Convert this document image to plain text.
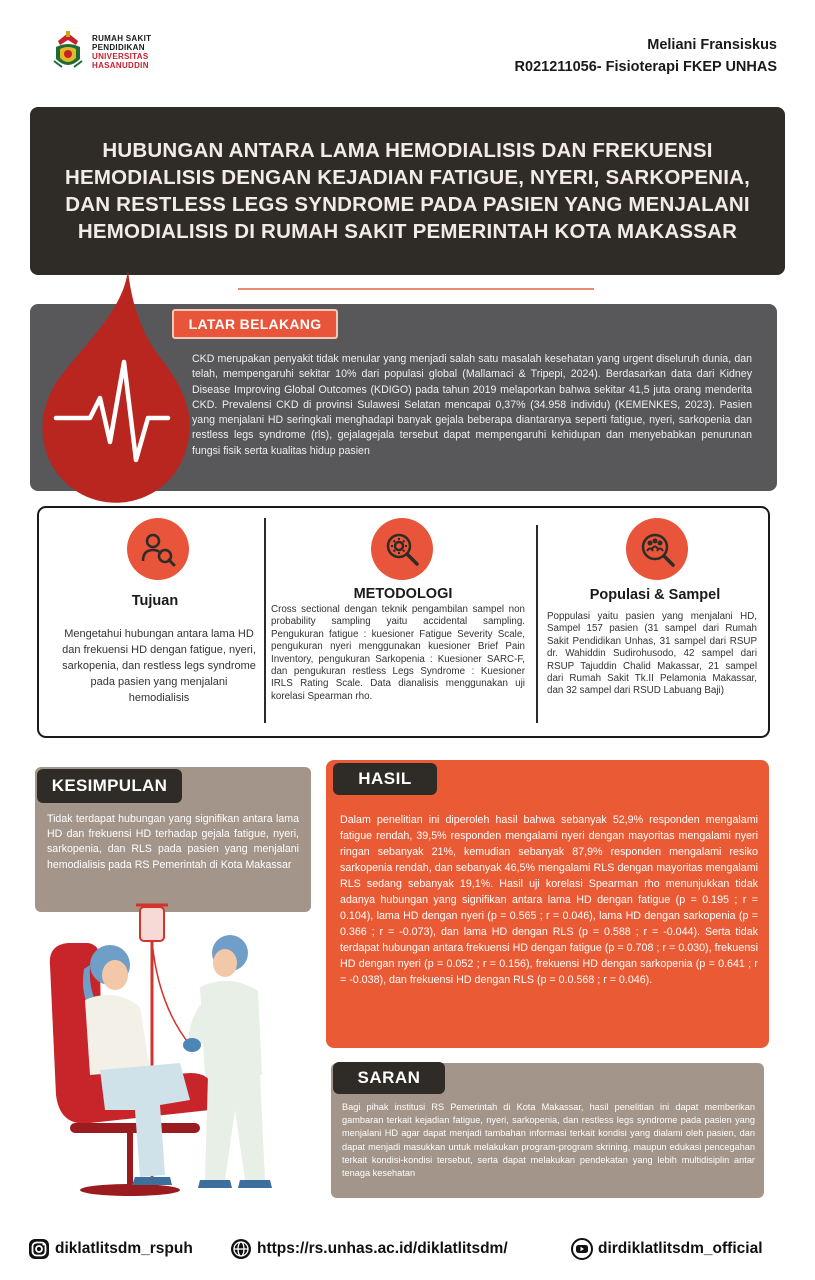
RUMAH SAKIT
PENDIDIKAN
UNIVERSITAS
HASANUDDIN
Meliani Fransiskus
R021211056- Fisioterapi FKEP UNHAS
HUBUNGAN ANTARA LAMA HEMODIALISIS DAN FREKUENSI HEMODIALISIS DENGAN KEJADIAN FATIGUE, NYERI, SARKOPENIA, DAN RESTLESS LEGS SYNDROME PADA PASIEN YANG MENJALANI HEMODIALISIS DI RUMAH SAKIT PEMERINTAH KOTA MAKASSAR
LATAR BELAKANG
CKD merupakan penyakit tidak menular yang menjadi salah satu masalah kesehatan yang urgent diseluruh dunia, dan telah, mempengaruhi sekitar 10% dari populasi global (Mallamaci & Tripepi, 2024). Berdasarkan data dari Kidney Disease Improving Global Outcomes (KDIGO) pada tahun 2019 melaporkan bahwa sekitar 41,5 juta orang menderita CKD. Prevalensi CKD di provinsi Sulawesi Selatan mencapai 0,37% (34.958 individu) (KEMENKES, 2023). Pasien yang menjalani HD seringkali menghadapi banyak gejala beberapa diantaranya seperti fatigue, nyeri, sarkopenia dan restless legs syndrome (rls), gejalagejala tersebut dapat mempengaruhi kehidupan dan menyebabkan penurunan fungsi fisik serta kualitas hidup pasien
Tujuan
Mengetahui hubungan antara lama HD dan frekuensi HD dengan fatigue, nyeri, sarkopenia, dan restless legs syndrome pada pasien yang menjalani hemodialisis
METODOLOGI
Cross sectional dengan teknik pengambilan sampel non probability sampling yaitu accidental sampling. Pengukuran fatigue : kuesioner Fatigue Severity Scale, pengukuran nyeri menggunakan kuesioner Brief Pain Inventory, pengukuran Sarkopenia : Kuesioner SARC-F, dan pengukuran restless Legs Syndrome : Kuesioner IRLS Rating Scale. Data dianalisis menggunakan uji korelasi Spearman rho.
Populasi & Sampel
Poppulasi yaitu pasien yang menjalani HD, Sampel 157 pasien (31 sampel dari Rumah Sakit Pendidikan Unhas, 31 sampel dari RSUP dr. Wahiddin Sudirohusodo, 42 sampel dari RSUP Tajuddin Chalid Makassar, 21 sampel dari Rumah Sakit Tk.II Pelamonia Makassar, dan 32 sampel dari RSUD Labuang Baji)
KESIMPULAN
Tidak terdapat hubungan yang signifikan antara lama HD dan frekuensi HD terhadap gejala fatigue, nyeri, sarkopenia, dan RLS pada pasien yang menjalani hemodialisis pada RS Pemerintah di Kota Makassar
HASIL
Dalam penelitian ini diperoleh hasil bahwa sebanyak 52,9% responden mengalami fatigue rendah, 39,5% responden mengalami nyeri dengan mayoritas mengalami nyeri ringan sebanyak 21%, kemudian sebanyak 87,9% responden mengalami resiko sarkopenia rendah, dan sebanyak 46,5% mengalami RLS dengan mayoritas mengalami RLS sedang sebanyak 19,1%. Hasil uji korelasi Spearman rho menunjukkan tidak adanya hubungan yang signifikan antara lama HD dengan fatigue (p = 0.195 ; r = 0.104), lama HD dengan nyeri (p = 0.565 ; r = 0.046), lama HD dengan sarkopenia (p = 0.366 ; r = -0.073), dan lama HD dengan RLS (p = 0.588 ; r = -0.044). Serta tidak terdapat hubungan antara frekuensi HD dengan fatigue (p = 0.708 ; r = 0.030), frekuensi HD dengan nyeri (p = 0.052 ; r = 0.156), frekuensi HD dengan sarkopenia (p = 0.641 ; r = -0.038), dan frekuensi HD dengan RLS (p = 0.0.568 ; r = 0.046).
SARAN
Bagi pihak institusi RS Pemerintah di Kota Makassar, hasil penelitian ini dapat memberikan gambaran terkait kejadian fatigue, nyeri, sarkopenia, dan restless legs syndrome pada pasien yang menjalani HD agar dapat menjadi tambahan informasi terkait kondisi yang dialami oleh pasien, dan dapat menjadi masukkan untuk melakukan program-program skrining, maupun edukasi pencegahan terkait kondisi-kondisi tersebut, serta dapat melakukan pendekatan yang lebih multidisiplin antar tenaga kesehatan
diklatlitsdm_rspuh	https://rs.unhas.ac.id/diklatlitsdm/	dirdiklatlitsdm_official
